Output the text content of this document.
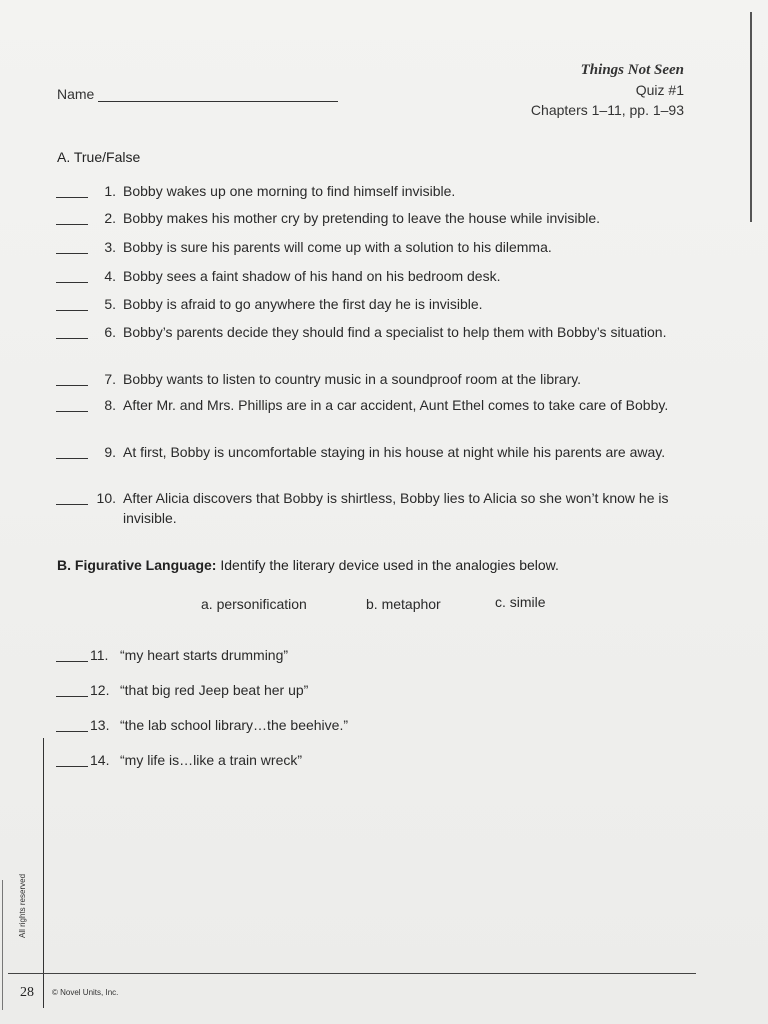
Things Not Seen
Quiz #1
Chapters 1–11, pp. 1–93
Name
A. True/False
1. Bobby wakes up one morning to find himself invisible.
2. Bobby makes his mother cry by pretending to leave the house while invisible.
3. Bobby is sure his parents will come up with a solution to his dilemma.
4. Bobby sees a faint shadow of his hand on his bedroom desk.
5. Bobby is afraid to go anywhere the first day he is invisible.
6. Bobby’s parents decide they should find a specialist to help them with Bobby’s situation.
7. Bobby wants to listen to country music in a soundproof room at the library.
8. After Mr. and Mrs. Phillips are in a car accident, Aunt Ethel comes to take care of Bobby.
9. At first, Bobby is uncomfortable staying in his house at night while his parents are away.
10. After Alicia discovers that Bobby is shirtless, Bobby lies to Alicia so she won’t know he is invisible.
B. Figurative Language: Identify the literary device used in the analogies below.
a. personification	b. metaphor	c. simile
11. “my heart starts drumming”
12. “that big red Jeep beat her up”
13. “the lab school library…the beehive.”
14. “my life is…like a train wreck”
All rights reserved
28 © Novel Units, Inc.
